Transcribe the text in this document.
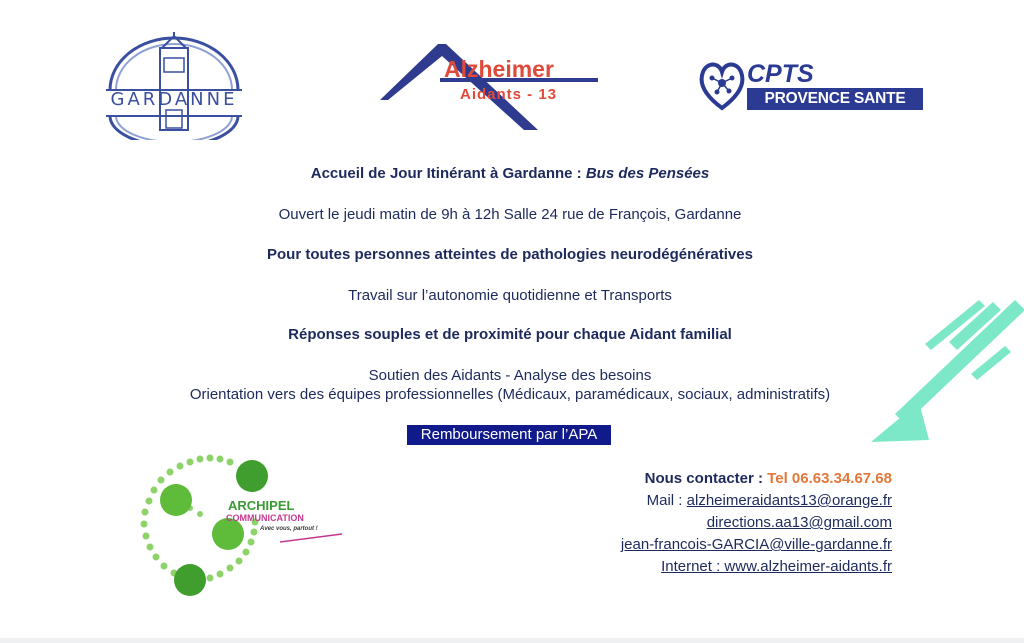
GARDANNE
Alzheimer
Aidants - 13
CPTS
PROVENCE SANTE
Accueil de Jour Itinérant à Gardanne : Bus des Pensées
Ouvert le jeudi matin de 9h à 12h Salle 24 rue de François, Gardanne
Pour toutes personnes atteintes de pathologies neurodégénératives
Travail sur l’autonomie quotidienne et Transports
Réponses souples et de proximité pour chaque Aidant familial
Soutien des Aidants - Analyse des besoins
Orientation vers des équipes professionnelles (Médicaux, paramédicaux, sociaux, administratifs)
Remboursement par l’APA
ARCHIPEL
COMMUNICATION
Avec vous, partout !
Nous contacter : Tel 06.63.34.67.68
Mail : alzheimeraidants13@orange.fr
directions.aa13@gmail.com
jean-francois-GARCIA@ville-gardanne.fr
Internet : www.alzheimer-aidants.fr
